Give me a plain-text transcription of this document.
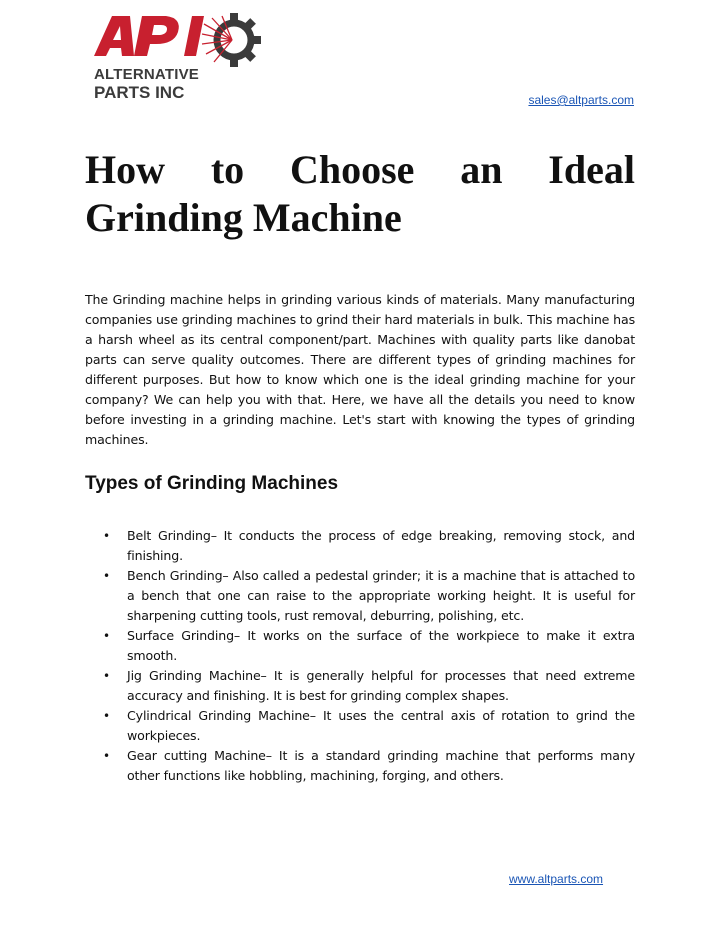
ALTERNATIVE
PARTS INC	sales@altparts.com
How to Choose an Ideal
Grinding Machine

The Grinding machine helps in grinding various kinds of materials. Many manufacturing companies use grinding machines to grind their hard materials in bulk. This machine has a harsh wheel as its central component/part. Machines with quality parts like danobat parts can serve quality outcomes. There are different types of grinding machines for different purposes. But how to know which one is the ideal grinding machine for your company? We can help you with that. Here, we have all the details you need to know before investing in a grinding machine. Let's start with knowing the types of grinding machines.

Types of Grinding Machines
• Belt Grinding– It conducts the process of edge breaking, removing stock, and finishing.
• Bench Grinding– Also called a pedestal grinder; it is a machine that is attached to a bench that one can raise to the appropriate working height. It is useful for sharpening cutting tools, rust removal, deburring, polishing, etc.
• Surface Grinding– It works on the surface of the workpiece to make it extra smooth.
• Jig Grinding Machine– It is generally helpful for processes that need extreme accuracy and finishing. It is best for grinding complex shapes.
• Cylindrical Grinding Machine– It uses the central axis of rotation to grind the workpieces.
• Gear cutting Machine– It is a standard grinding machine that performs many other functions like hobbling, machining, forging, and others.
www.altparts.com
